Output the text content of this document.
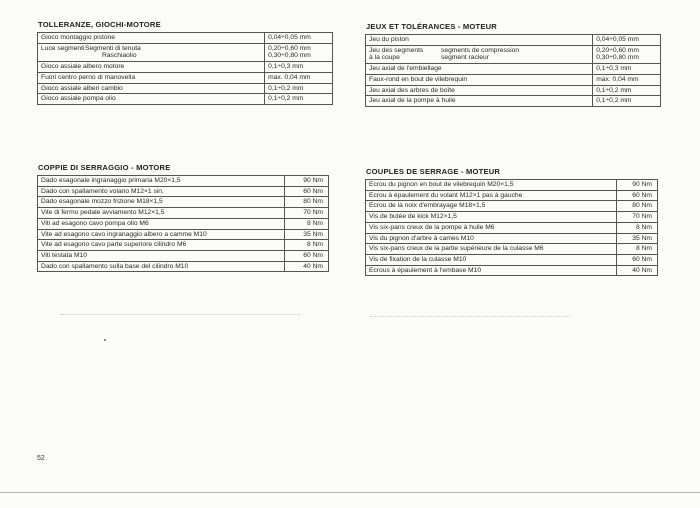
TOLLERANZE, GIOCHI-MOTORE
Gioco montaggio pistone	0,04÷0,05 mm
Luce segmenti Segmenti di tenuta
Raschiaolio	0,20÷0,60 mm
0,30÷0,80 mm

Gioco assiale albero motore	0,1÷0,3 mm
Fuori centro perno di manovella	max. 0,04 mm
Gioco assiale alberi cambio	0,1÷0,2 mm
Gioco assiale pompa olio	0,1÷0,2 mm
JEUX ET TOLÉRANCES - MOTEUR
Jeu du piston	0,04÷0,05 mm

Jeu des segments
à la coupe
segments de compression
segment racleur	0,20÷0,60 mm
0,30÷0,80 mm

Jeu axial de l'embiellage	0,1÷0,3 mm
Faux-rond en bout de vilebrequin	max. 0,04 mm
Jeu axial des arbres de boîte	0,1÷0,2 mm
Jeu axial de la pompe à huile	0,1÷0,2 mm
COPPIE DI SERRAGGIO - MOTORE
Dado esagonale ingranaggio primaria M20×1,5	90 Nm
Dado con spallamento volano M12×1 sin.	60 Nm
Dado esagonale mozzo frizione M18×1,5	80 Nm
Vite di fermo pedale avviamento M12×1,5	70 Nm
Viti ad esagono cavo pompa olio M6	8 Nm
Vite ad esagono cavo ingranaggio albero a camme M10	35 Nm
Vite ad esagono cavo parte superiore cilindro M6	8 Nm
Viti testata M10	60 Nm
Dado con spallamento sulla base del cilindro M10	40 Nm
COUPLES DE SERRAGE - MOTEUR
Ecrou du pignon en bout de vilebrequin M20×1,5	90 Nm
Ecrou à épaulement du volant M12×1 pas à gauche	60 Nm
Ecrou de la noix d'embrayage M18×1,5	80 Nm
Vis de butée de kick M12×1,5	70 Nm
Vis six-pans creux de la pompe à huile M6	8 Nm
Vis du pignon d'arbre à cames M10	35 Nm
Vis six-pans creux de la partie supérieure de la culasse M6	8 Nm
Vis de fixation de la culasse M10	60 Nm
Ecrous à épaulement à l'embase M10	40 Nm
52
